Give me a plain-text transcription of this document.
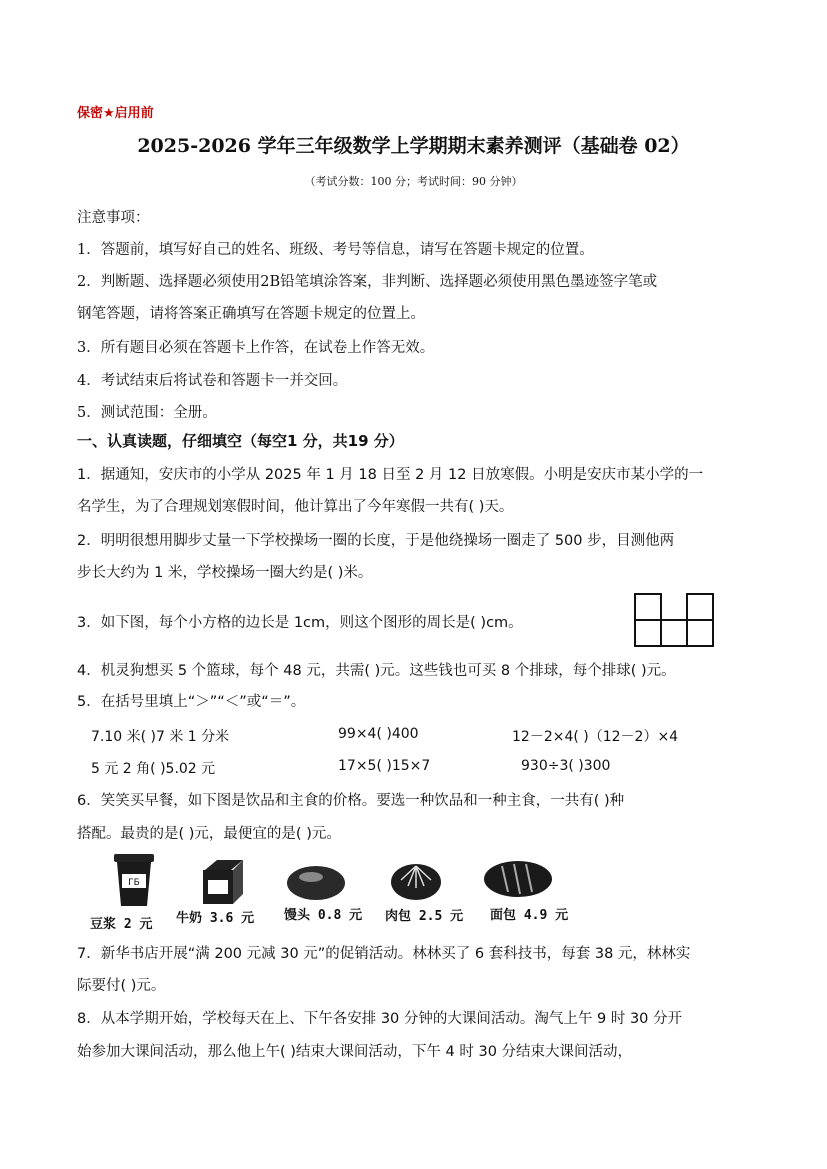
保密★启用前
2025-2026 学年三年级数学上学期期末素养测评（基础卷 02）
（考试分数：100 分；考试时间：90 分钟）
注意事项：
1．答题前，填写好自己的姓名、班级、考号等信息，请写在答题卡规定的位置。
2．判断题、选择题必须使用2B铅笔填涂答案，非判断、选择题必须使用黑色墨迹签字笔或
钢笔答题，请将答案正确填写在答题卡规定的位置上。
3．所有题目必须在答题卡上作答，在试卷上作答无效。
4．考试结束后将试卷和答题卡一并交回。
5．测试范围：全册。
一、认真读题，仔细填空（每空1 分，共19 分）
1．据通知，安庆市的小学从 2025 年 1 月 18 日至 2 月 12 日放寒假。小明是安庆市某小学的一
名学生，为了合理规划寒假时间，他计算出了今年寒假一共有( )天。
2．明明很想用脚步丈量一下学校操场一圈的长度，于是他绕操场一圈走了 500 步，目测他两
步长大约为 1 米，学校操场一圈大约是( )米。
3．如下图，每个小方格的边长是 1cm，则这个图形的周长是( )cm。
4．机灵狗想买 5 个篮球，每个 48 元，共需( )元。这些钱也可买 8 个排球，每个排球( )元。
5．在括号里填上“＞”“＜”或“＝”。
7.10 米( )7 米 1 分米	99×4( )400	12－2×4( )（12－2）×4
5 元 2 角( )5.02 元	17×5( )15×7	930÷3( )300
6．笑笑买早餐，如下图是饮品和主食的价格。要选一种饮品和一种主食，一共有( )种
搭配。最贵的是( )元，最便宜的是( )元。
ГБ
豆浆 2 元 牛奶 3.6 元 馒头 0.8 元 肉包 2.5 元 面包 4.9 元
7．新华书店开展“满 200 元减 30 元”的促销活动。林林买了 6 套科技书，每套 38 元，林林实
际要付( )元。
8．从本学期开始，学校每天在上、下午各安排 30 分钟的大课间活动。淘气上午 9 时 30 分开
始参加大课间活动，那么他上午( )结束大课间活动，下午 4 时 30 分结束大课间活动，
